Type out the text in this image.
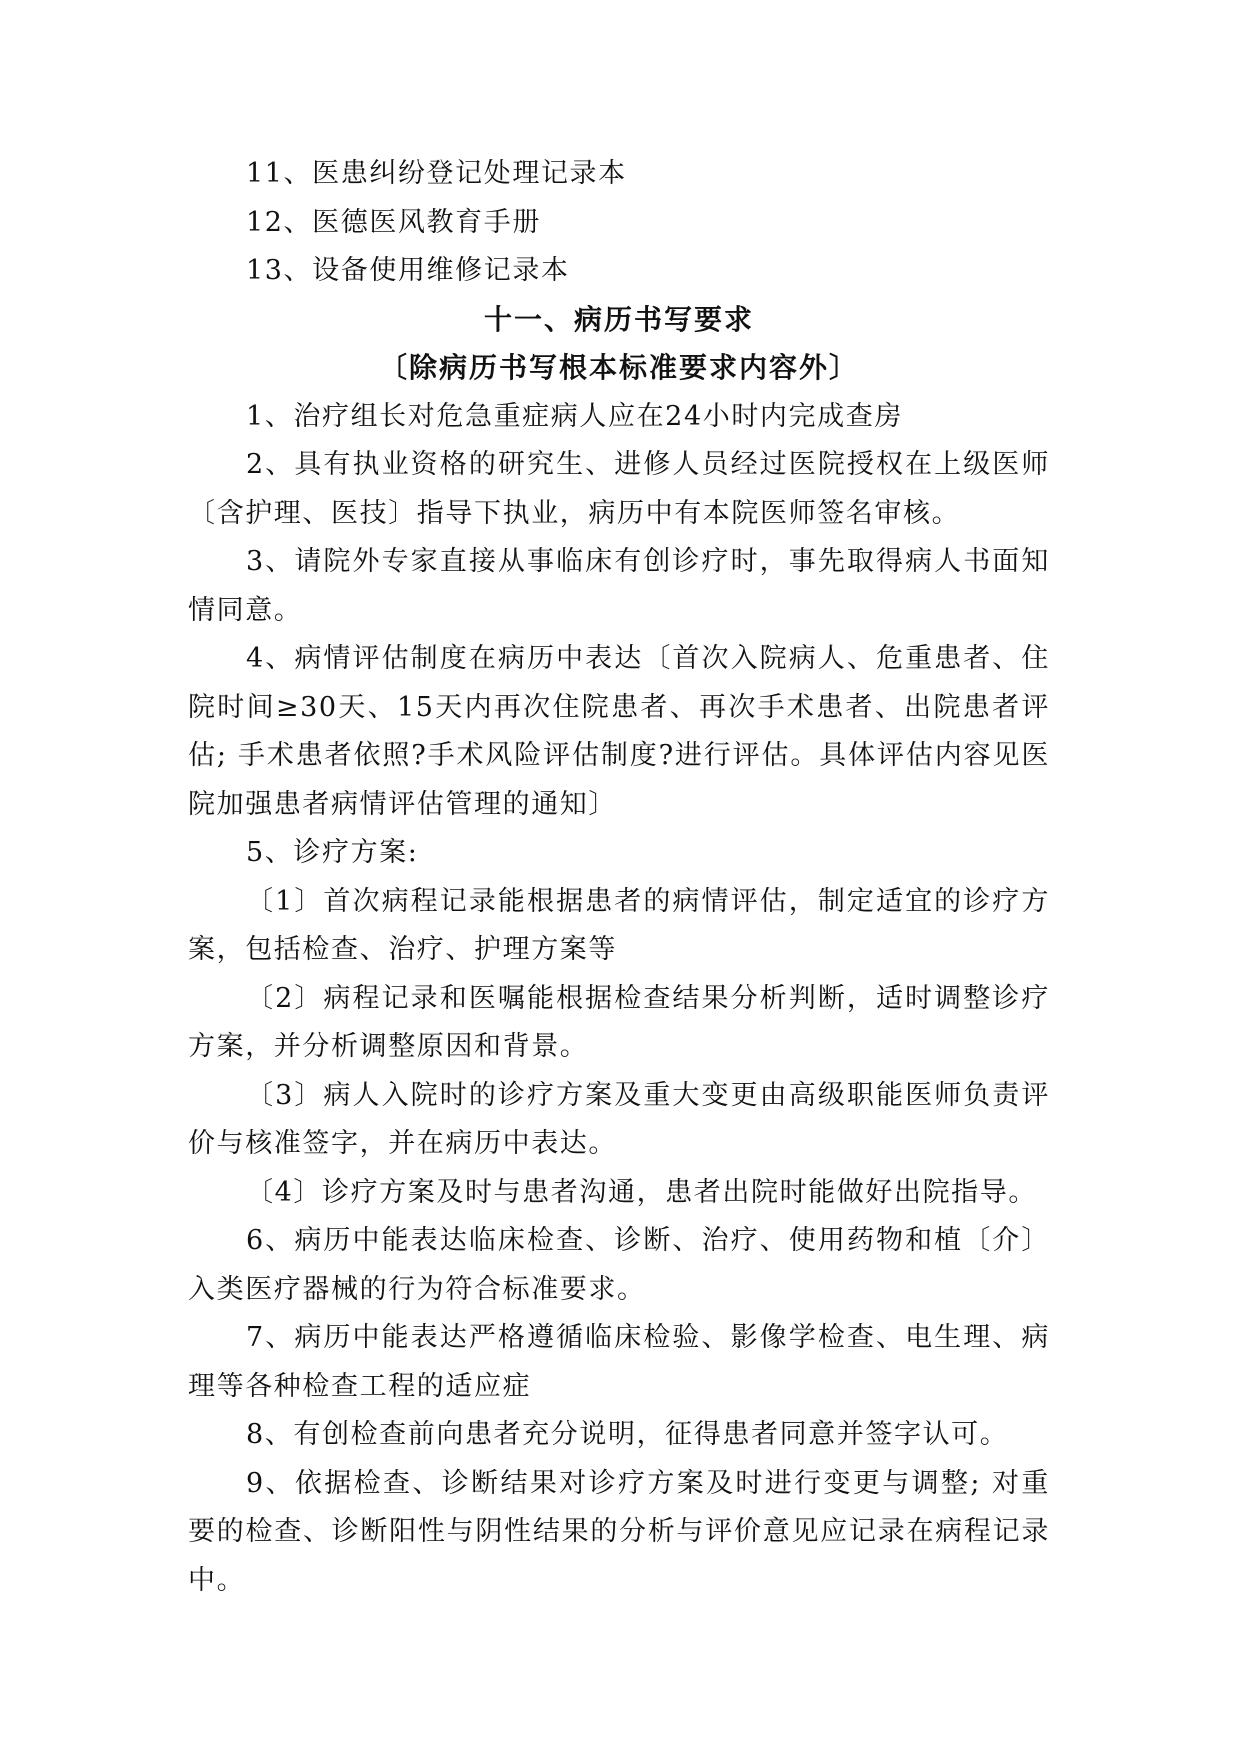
11、医患纠纷登记处理记录本

12、医德医风教育手册

13、设备使用维修记录本

十一、病历书写要求

〔除病历书写根本标准要求内容外〕

1、治疗组长对危急重症病人应在24小时内完成查房

2、具有执业资格的研究生、进修人员经过医院授权在上级医师〔含护理、医技〕指导下执业，病历中有本院医师签名审核。

3、请院外专家直接从事临床有创诊疗时，事先取得病人书面知情同意。

4、病情评估制度在病历中表达〔首次入院病人、危重患者、住院时间≥30天、15天内再次住院患者、再次手术患者、出院患者评估; 手术患者依照?手术风险评估制度?进行评估。具体评估内容见医院加强患者病情评估管理的通知〕

5、诊疗方案:

〔1〕首次病程记录能根据患者的病情评估，制定适宜的诊疗方案，包括检查、治疗、护理方案等

〔2〕病程记录和医嘱能根据检查结果分析判断，适时调整诊疗方案，并分析调整原因和背景。

〔3〕病人入院时的诊疗方案及重大变更由高级职能医师负责评价与核准签字，并在病历中表达。

〔4〕诊疗方案及时与患者沟通，患者出院时能做好出院指导。

6、病历中能表达临床检查、诊断、治疗、使用药物和植〔介〕入类医疗器械的行为符合标准要求。

7、病历中能表达严格遵循临床检验、影像学检查、电生理、病理等各种检查工程的适应症

8、有创检查前向患者充分说明，征得患者同意并签字认可。

9、依据检查、诊断结果对诊疗方案及时进行变更与调整; 对重要的检查、诊断阳性与阴性结果的分析与评价意见应记录在病程记录中。
